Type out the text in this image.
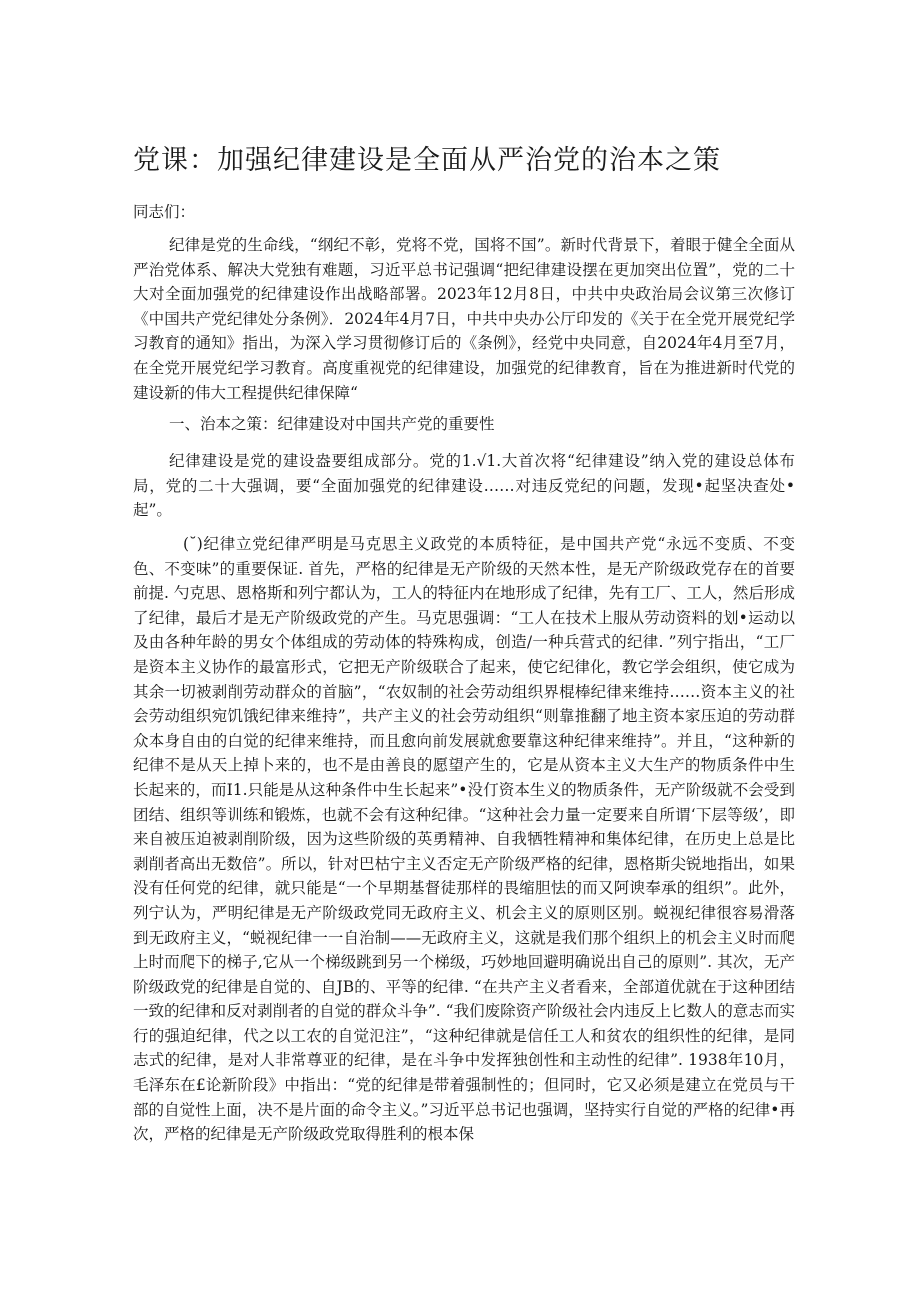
党课：加强纪律建设是全面从严治党的治本之策

同志们：

纪律是党的生命线，“纲纪不彰，党将不党，国将不国”。新时代背景下，着眼于健全全面从严治党体系、解决大党独有难题，习近平总书记强调“把纪律建设摆在更加突出位置”，党的二十大对全面加强党的纪律建设作出战略部署。2023年12月8日，中共中央政治局会议第三次修订《中国共产党纪律处分条例》．2024年4月7日，中共中央办公厅印发的《关于在全党开展党纪学习教育的通知》指出，为深入学习贯彻修订后的《条例》，经党中央同意，自2024年4月至7月，在全党开展党纪学习教育。高度重视党的纪律建设，加强党的纪律教育，旨在为推进新时代党的建设新的伟大工程提供纪律保障“

一、治本之策：纪律建设对中国共产党的重要性

纪律建设是党的建设盎要组成部分。党的1.√1.大首次将“纪律建设”纳入党的建设总体布局，党的二十大强调，要“全面加强党的纪律建设……对违反党纪的问题，发现•起坚决查处•起”。

(˘)纪律立党纪律严明是马克思主义政党的本质特征，是中国共产党“永远不变质、不变色、不变味”的重要保证. 首先，严格的纪律是无产阶级的天然本性，是无产阶级政党存在的首要前提. 勺克思、恩格斯和列宁都认为，工人的特征内在地形成了纪律，先有工厂、工人，然后形成了纪律，最后才是无产阶级政党的产生。马克思强调：“工人在技术上服从劳动资料的划•运动以及由各种年龄的男女个体组成的劳动体的特殊构成，创造/一种兵营式的纪律. ”列宁指出，“工厂是资本主义协作的最富形式，它把无产阶级联合了起来，使它纪律化，教它学会组织，使它成为其余一切被剥削劳动群众的首脑”，“农奴制的社会劳动组织界棍棒纪律来维持……资本主义的社会劳动组织宛饥饿纪律来维持”，共产主义的社会劳动组织“则靠推翻了地主资本家压迫的劳动群众本身自由的白觉的纪律来维持，而且愈向前发展就愈要靠这种纪律来维持”。并且，“这种新的纪律不是从天上掉卜来的，也不是由善良的愿望产生的，它是从资本主义大生产的物质条件中生长起来的，而I1.只能是从这种条件中生长起来”•没仃资本生义的物质条件，无产阶级就不会受到团结、组织等训练和锻炼，也就不会有这种纪律。“这种社会力量一定要来自所谓‘下层等级’，即来自被压迫被剥削阶级，因为这些阶级的英勇精神、自我牺牲精神和集体纪律，在历史上总是比剥削者高出无数倍”。所以，针对巴枯宁主义否定无产阶级严格的纪律，恩格斯尖锐地指出，如果没有任何党的纪律，就只能是“一个早期基督徒那样的畏缩胆怯的而又阿谀奉承的组织”。此外，列宁认为，严明纪律是无产阶级政党同无政府主义、机会主义的原则区别。蜕视纪律很容易滑落到无政府主义，“蜕视纪律一一自治制——无政府主义，这就是我们那个组织上的机会主义时而爬上时而爬下的梯子,它从一个梯级跳到另一个梯级，巧妙地回避明确说出自己的原则”. 其次，无产阶级政党的纪律是自觉的、自JB的、平等的纪律. “在共产主义者看来，全部道优就在于这种团结一致的纪律和反对剥削者的自觉的群众斗争”. “我们废除资产阶级社会内违反上匕数人的意志而实行的强迫纪律，代之以工农的自觉氾注”，“这种纪律就是信任工人和贫农的组织性的纪律，是同志式的纪律，是对人非常尊亚的纪律，是在斗争中发挥独创性和主动性的纪律”. 1938年10月，毛泽东在£论新阶段》中指出：“党的纪律是带着强制性的；但同时，它又必须是建立在党员与干部的自觉性上面，决不是片面的命令主义。”习近平总书记也强调，坚持实行自觉的严格的纪律•再次，严格的纪律是无产阶级政党取得胜利的根本保
